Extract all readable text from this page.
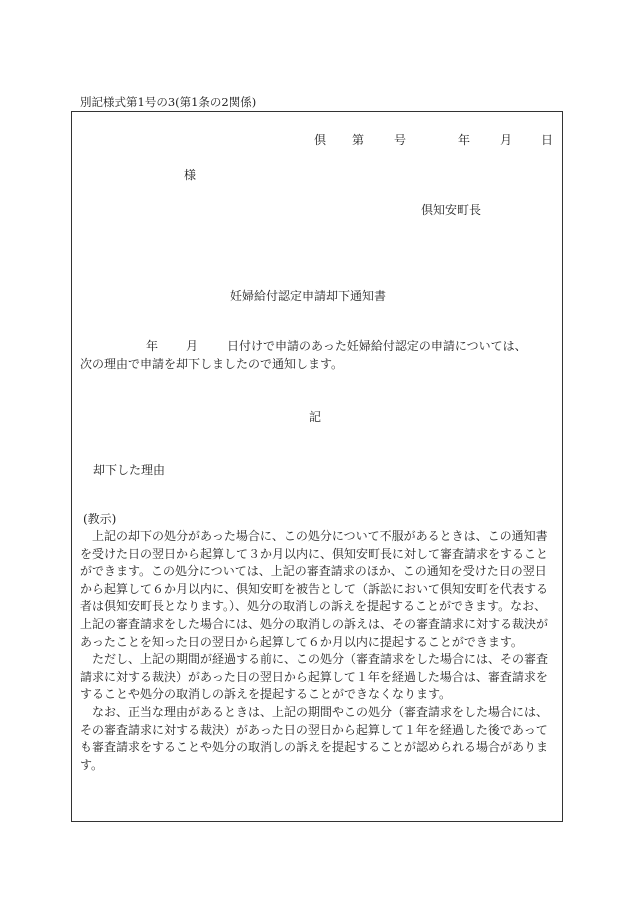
別記様式第1号の3(第1条の2関係)
倶 第 号	年 月 日
様
倶知安町長
妊婦給付認定申請却下通知書
年 月 日付けで申請のあった妊婦給付認定の申請については、
次の理由で申請を却下しましたので通知します。
記
却下した理由
(教示)

上記の却下の処分があった場合に、この処分について不服があるときは、この通知書を受けた日の翌日から起算して３か月以内に、倶知安町長に対して審査請求をすることができます。この処分については、上記の審査請求のほか、この通知を受けた日の翌日から起算して６か月以内に、倶知安町を被告として（訴訟において倶知安町を代表する者は倶知安町長となります。）、処分の取消しの訴えを提起することができます。なお、上記の審査請求をした場合には、処分の取消しの訴えは、その審査請求に対する裁決があったことを知った日の翌日から起算して６か月以内に提起することができます。

ただし、上記の期間が経過する前に、この処分（審査請求をした場合には、その審査請求に対する裁決）があった日の翌日から起算して１年を経過した場合は、審査請求をすることや処分の取消しの訴えを提起することができなくなります。

なお、正当な理由があるときは、上記の期間やこの処分（審査請求をした場合には、その審査請求に対する裁決）があった日の翌日から起算して１年を経過した後であっても審査請求をすることや処分の取消しの訴えを提起することが認められる場合があります。
